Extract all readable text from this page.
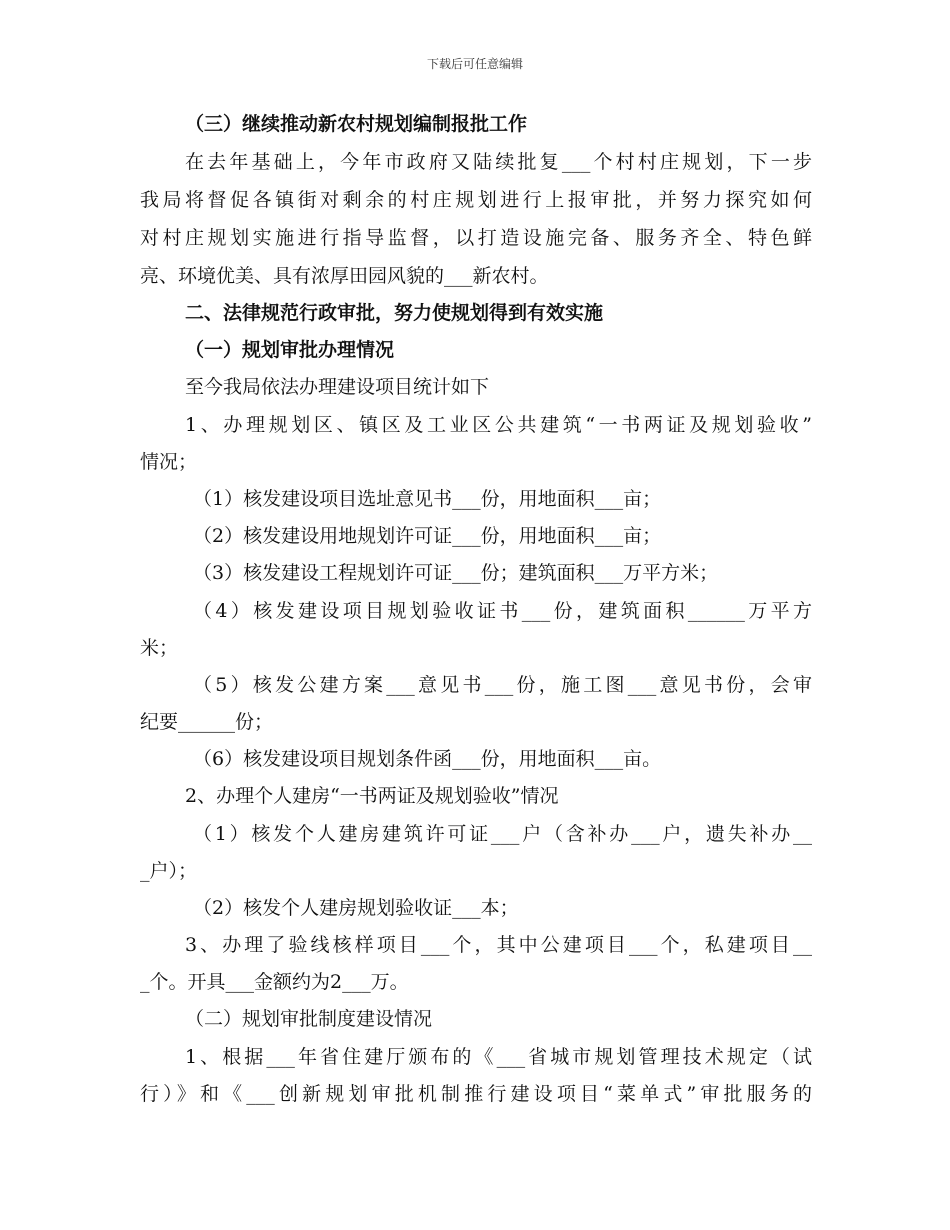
下载后可任意编辑
（三）继续推动新农村规划编制报批工作
在去年基础上，今年市政府又陆续批复___个村村庄规划，下一步
我局将督促各镇街对剩余的村庄规划进行上报审批，并努力探究如何
对村庄规划实施进行指导监督，以打造设施完备、服务齐全、特色鲜
亮、环境优美、具有浓厚田园风貌的___新农村。
二、法律规范行政审批，努力使规划得到有效实施
（一）规划审批办理情况
至今我局依法办理建设项目统计如下
1、办理规划区、镇区及工业区公共建筑“一书两证及规划验收”
情况；
（1）核发建设项目选址意见书___份，用地面积___亩；
（2）核发建设用地规划许可证___份，用地面积___亩；
（3）核发建设工程规划许可证___份；建筑面积___万平方米；
（4）核发建设项目规划验收证书___份，建筑面积______万平方
米；
（5）核发公建方案___意见书___份，施工图___意见书份，会审
纪要______份；
（6）核发建设项目规划条件函___份，用地面积___亩。
2、办理个人建房“一书两证及规划验收”情况
（1）核发个人建房建筑许可证___户（含补办___户，遗失补办__
_户）；
（2）核发个人建房规划验收证___本；
3、办理了验线核样项目___个，其中公建项目___个，私建项目__
_个。开具___金额约为2___万。
（二）规划审批制度建设情况
1、根据___年省住建厅颁布的《___省城市规划管理技术规定（试
行）》和《___创新规划审批机制推行建设项目“菜单式”审批服务的
